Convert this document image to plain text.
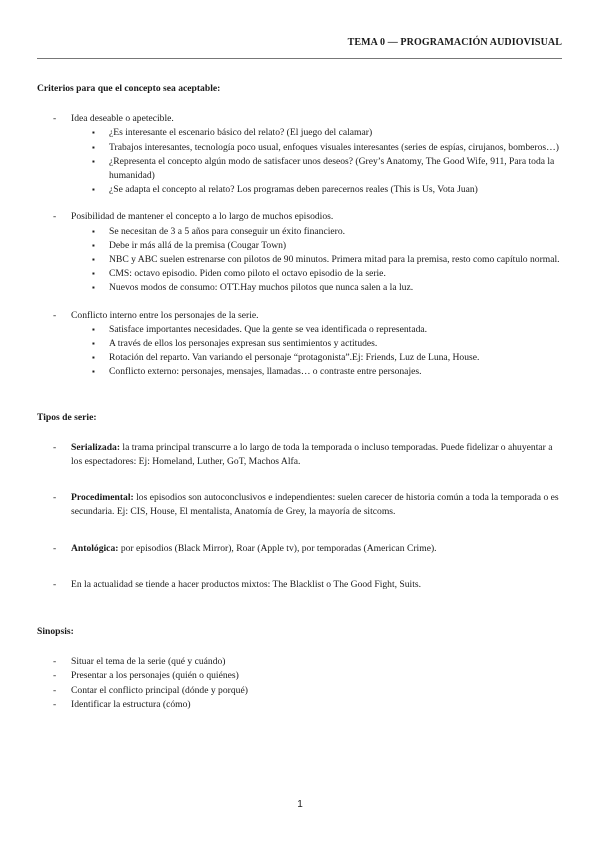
TEMA 0 — PROGRAMACIÓN AUDIOVISUAL

Criterios para que el concepto sea aceptable:

- Idea deseable o apetecible.
▪ ¿Es interesante el escenario básico del relato? (El juego del calamar)
▪ Trabajos interesantes, tecnología poco usual, enfoques visuales interesantes (series de espías, cirujanos, bomberos…)
▪ ¿Representa el concepto algún modo de satisfacer unos deseos? (Grey’s Anatomy, The Good Wife, 911, Para toda la humanidad)
▪ ¿Se adapta el concepto al relato? Los programas deben parecernos reales (This is Us, Vota Juan)
- Posibilidad de mantener el concepto a lo largo de muchos episodios.
▪ Se necesitan de 3 a 5 años para conseguir un éxito financiero.
▪ Debe ir más allá de la premisa (Cougar Town)
▪ NBC y ABC suelen estrenarse con pilotos de 90 minutos. Primera mitad para la premisa, resto como capítulo normal.
▪ CMS: octavo episodio. Piden como piloto el octavo episodio de la serie.
▪ Nuevos modos de consumo: OTT.Hay muchos pilotos que nunca salen a la luz.
- Conflicto interno entre los personajes de la serie.
▪ Satisface importantes necesidades. Que la gente se vea identificada o representada.
▪ A través de ellos los personajes expresan sus sentimientos y actitudes.
▪ Rotación del reparto. Van variando el personaje “protagonista”.Ej: Friends, Luz de Luna, House.
▪ Conflicto externo: personajes, mensajes, llamadas… o contraste entre personajes.

Tipos de serie:

- Serializada: la trama principal transcurre a lo largo de toda la temporada o incluso temporadas. Puede fidelizar o ahuyentar a los espectadores: Ej: Homeland, Luther, GoT, Machos Alfa.
- Procedimental: los episodios son autoconclusivos e independientes: suelen carecer de historia común a toda la temporada o es secundaria. Ej: CIS, House, El mentalista, Anatomía de Grey, la mayoría de sitcoms.
- Antológica: por episodios (Black Mirror), Roar (Apple tv), por temporadas (American Crime).
- En la actualidad se tiende a hacer productos mixtos: The Blacklist o The Good Fight, Suits.

Sinopsis:

- Situar el tema de la serie (qué y cuándo)
- Presentar a los personajes (quién o quiénes)
- Contar el conflicto principal (dónde y porqué)
- Identificar la estructura (cómo)
1
